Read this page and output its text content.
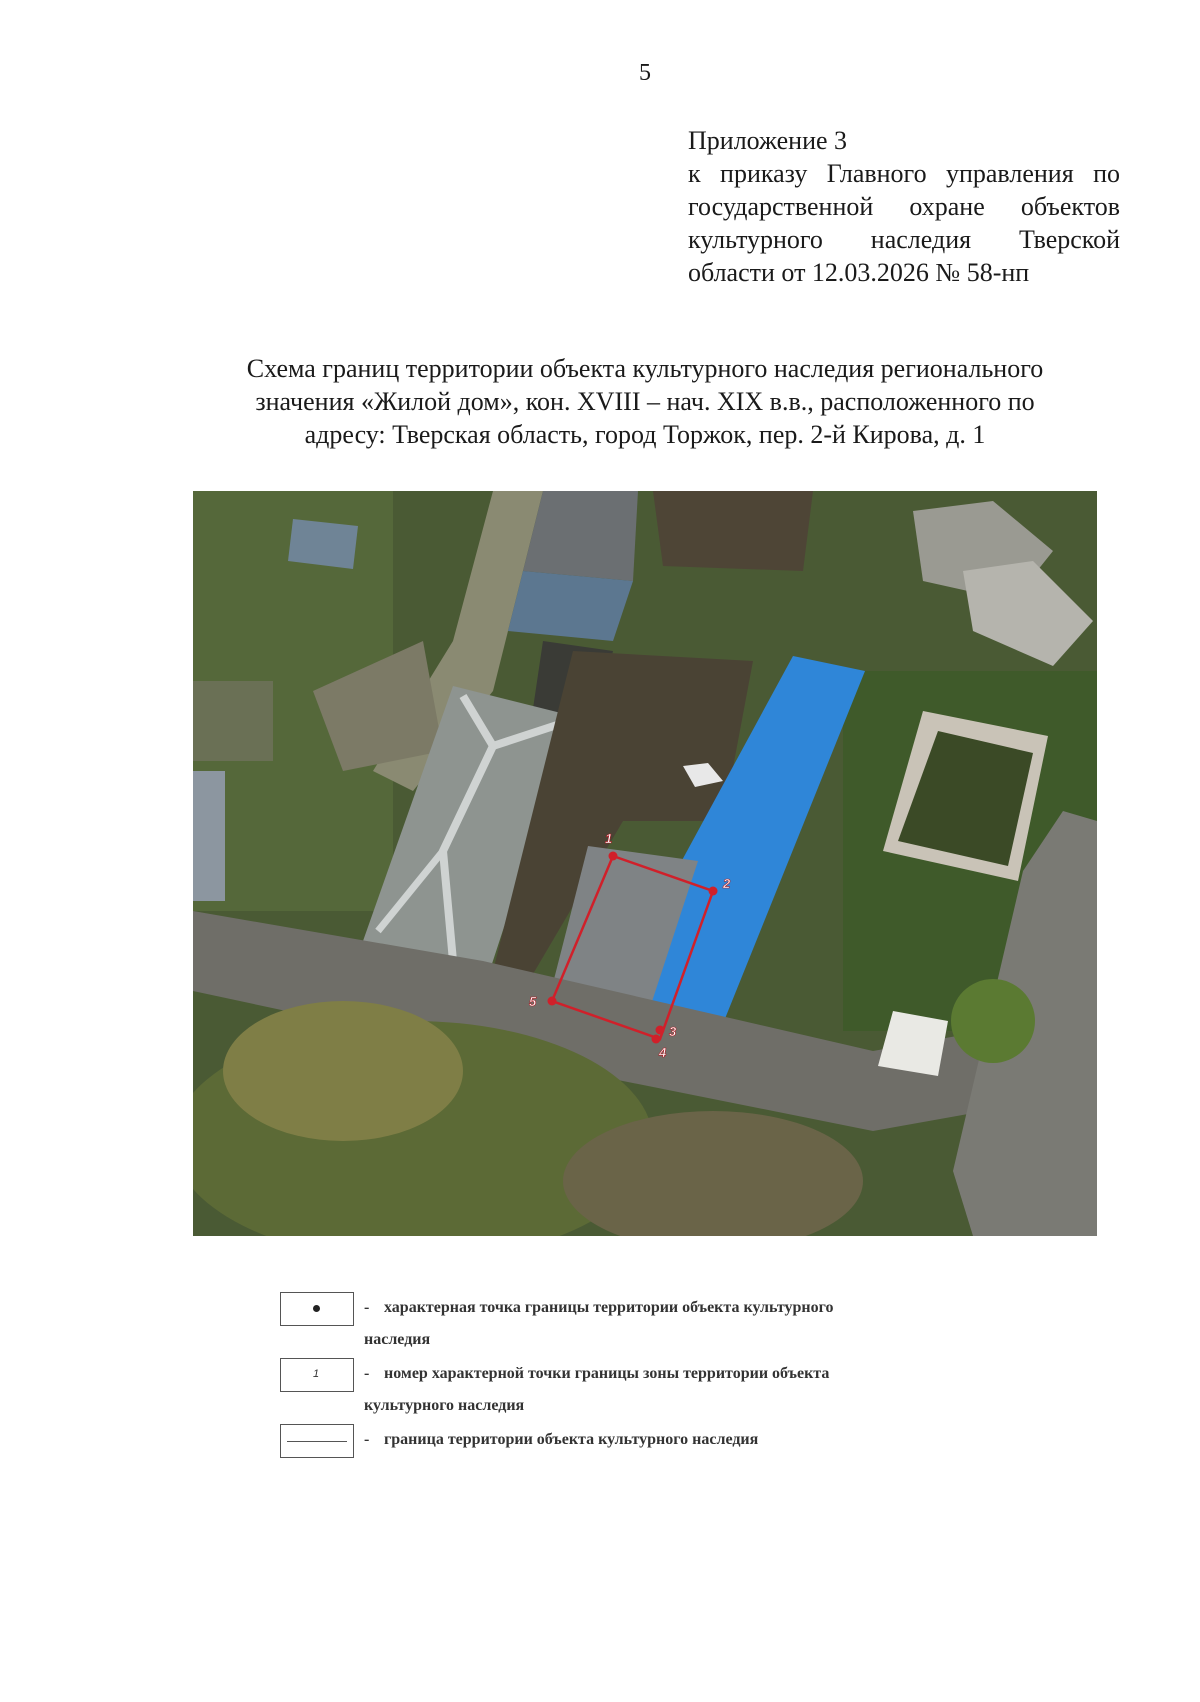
5
Приложение 3
к приказу Главного управления по
государственной охране объектов
культурного наследия Тверской
области от 12.03.2026 № 58-нп
Схема границ территории объекта культурного наследия регионального
значения «Жилой дом», кон. XVIII – нач. XIX в.в., расположенного по
адресу: Тверская область, город Торжок, пер. 2-й Кирова, д. 1
1
2
3
4
5
- характерная точка границы территории объекта культурного
наследия
1	- номер характерной точки границы зоны территории объекта
культурного наследия
- граница территории объекта культурного наследия
